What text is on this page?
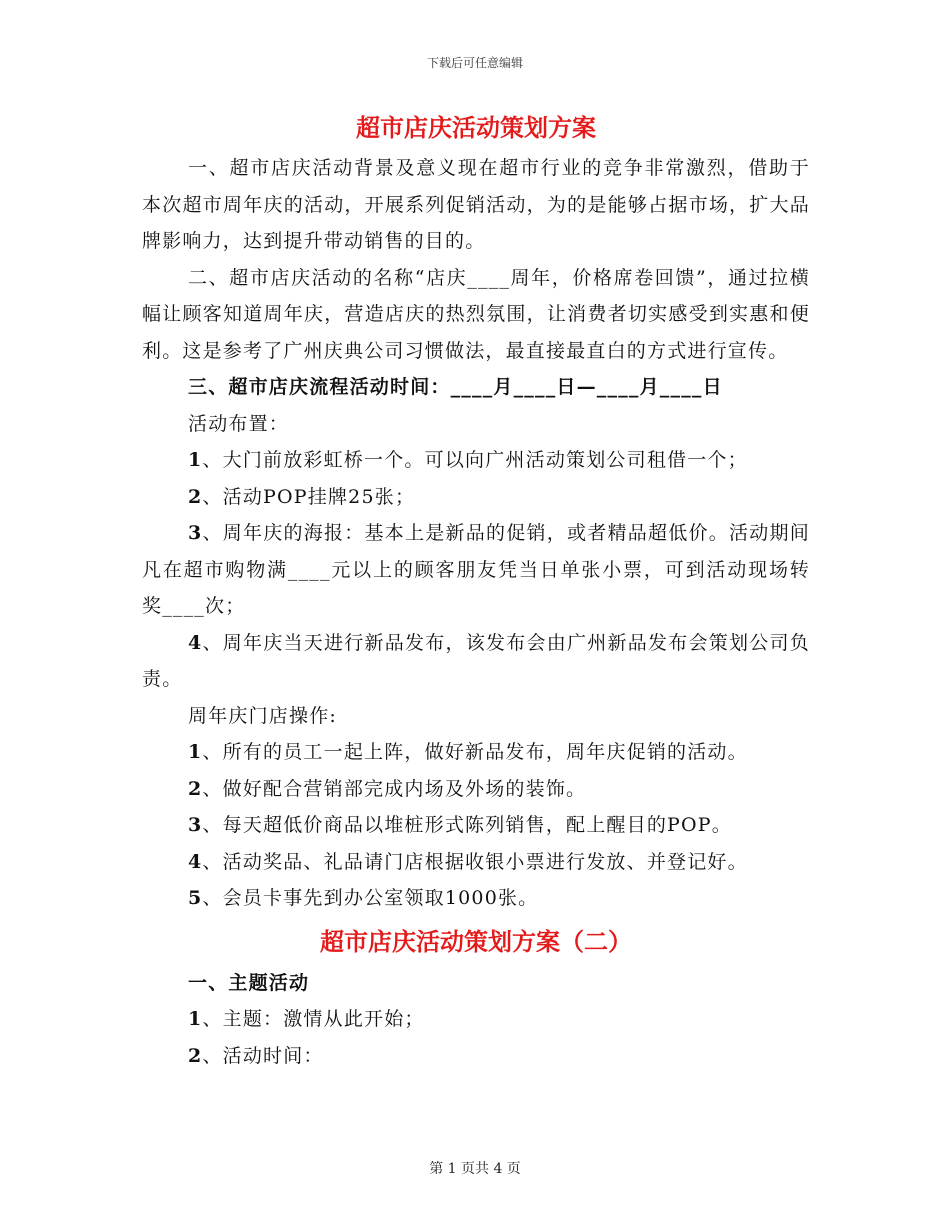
下载后可任意编辑
超市店庆活动策划方案

一、超市店庆活动背景及意义现在超市行业的竞争非常激烈，借助于本次超市周年庆的活动，开展系列促销活动，为的是能够占据市场，扩大品牌影响力，达到提升带动销售的目的。

二、超市店庆活动的名称“店庆____周年，价格席卷回馈”，通过拉横幅让顾客知道周年庆，营造店庆的热烈氛围，让消费者切实感受到实惠和便利。这是参考了广州庆典公司习惯做法，最直接最直白的方式进行宣传。

三、超市店庆流程活动时间：____月____日—____月____日

活动布置：

1、大门前放彩虹桥一个。可以向广州活动策划公司租借一个；

2、活动POP挂牌25张；

3、周年庆的海报：基本上是新品的促销，或者精品超低价。活动期间凡在超市购物满____元以上的顾客朋友凭当日单张小票，可到活动现场转奖____次；

4、周年庆当天进行新品发布，该发布会由广州新品发布会策划公司负责。

周年庆门店操作:

1、所有的员工一起上阵，做好新品发布，周年庆促销的活动。

2、做好配合营销部完成内场及外场的装饰。

3、每天超低价商品以堆桩形式陈列销售，配上醒目的POP。

4、活动奖品、礼品请门店根据收银小票进行发放、并登记好。

5、会员卡事先到办公室领取1000张。

超市店庆活动策划方案（二）

一、主题活动

1、主题：激情从此开始；

2、活动时间：

第 1 页共 4 页
